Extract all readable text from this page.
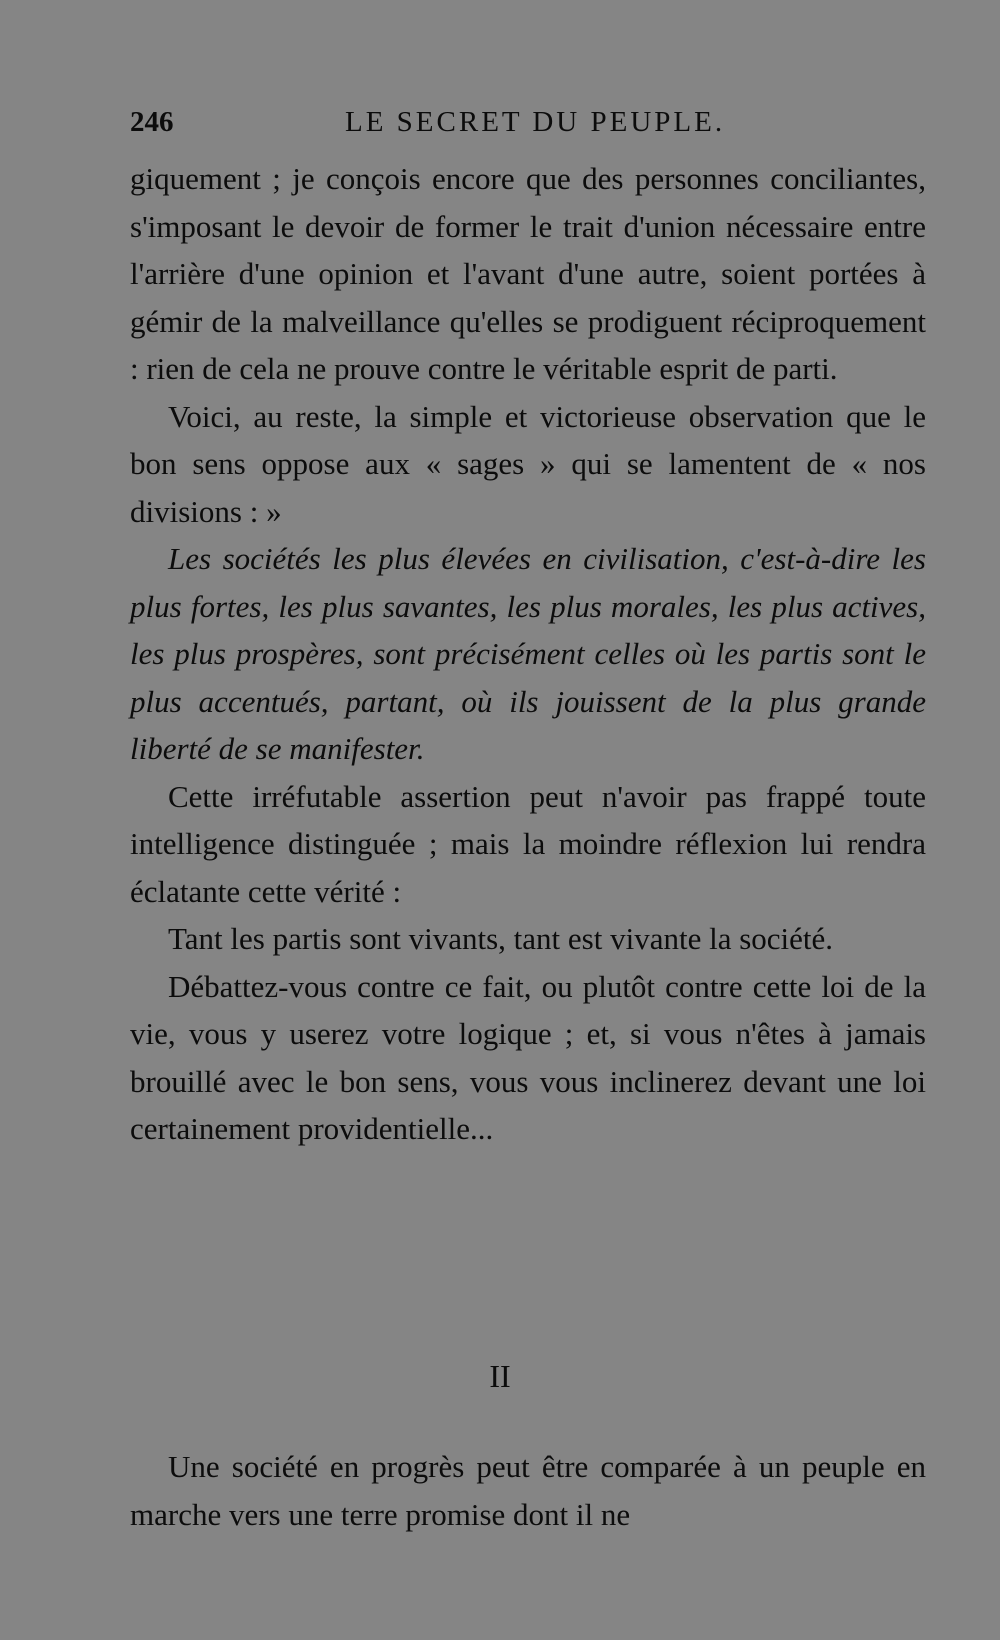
246	LE SECRET DU PEUPLE.

giquement ; je conçois encore que des personnes conciliantes, s'imposant le devoir de former le trait d'union nécessaire entre l'arrière d'une opinion et l'avant d'une autre, soient portées à gémir de la malveillance qu'elles se prodiguent réciproquement : rien de cela ne prouve contre le véritable esprit de parti.

Voici, au reste, la simple et victorieuse observation que le bon sens oppose aux « sages » qui se lamentent de « nos divisions : »

Les sociétés les plus élevées en civilisation, c'est-à-dire les plus fortes, les plus savantes, les plus morales, les plus actives, les plus prospères, sont précisément celles où les partis sont le plus accentués, partant, où ils jouissent de la plus grande liberté de se manifester.

Cette irréfutable assertion peut n'avoir pas frappé toute intelligence distinguée ; mais la moindre réflexion lui rendra éclatante cette vérité :

Tant les partis sont vivants, tant est vivante la société.

Débattez-vous contre ce fait, ou plutôt contre cette loi de la vie, vous y userez votre logique ; et, si vous n'êtes à jamais brouillé avec le bon sens, vous vous inclinerez devant une loi certainement providentielle...

II

Une société en progrès peut être comparée à un peuple en marche vers une terre promise dont il ne
